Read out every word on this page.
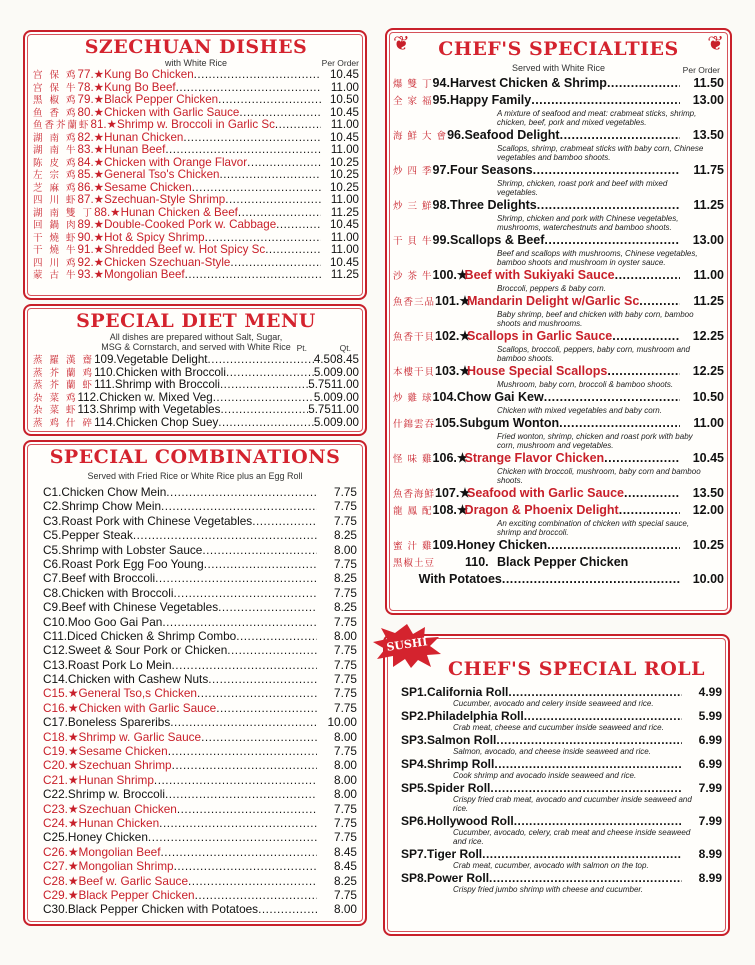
SZECHUAN DISHES
with White Rice	Per Order
宫 保 鸡 77.★ Kung Bo Chicken .....	10.45
宫 保 牛 78.★ Kung Bo Beef .....	11.00
黑 椒 鸡 79.★ Black Pepper Chicken .....	10.50
鱼 香 鸡 80.★ Chicken with Garlic Sauce .....	10.45
鱼香芥蘭虾 81.★ Shrimp w. Broccoli in Garlic Sc .....	11.00
湖 南 鸡 82.★ Hunan Chicken .....	10.45
湖 南 牛 83.★ Hunan Beef .....	11.00
陈 皮 鸡 84.★ Chicken with Orange Flavor .....	10.25
左 宗 鸡 85.★ General Tso's Chicken .....	10.25
芝 麻 鸡 86.★ Sesame Chicken .....	10.25
四 川 虾 87.★ Szechuan-Style Shrimp .....	11.00
湖 南 雙 丁 88.★ Hunan Chicken & Beef .....	11.25
回 鍋 肉 89.★ Double-Cooked Pork w. Cabbage .....	10.45
干 燒 虾 90.★ Hot & Spicy Shrimp .....	11.00
干 燒 牛 91.★ Shredded Beef w. Hot Spicy Sc .....	11.00
四 川 鸡 92.★ Chicken Szechuan-Style .....	10.45
蒙 古 牛 93.★ Mongolian Beef .....	11.25
SPECIAL DIET MENU
All dishes are prepared without Salt, Sugar,
MSG & Cornstarch, and served with White Rice Pt.	Qt.
蒸 羅 漢 齋 109. Vegetable Delight .....	4.50 8.45
蒸 芥 蘭 鸡 110. Chicken with Broccoli .....	5.00 9.00
蒸 芥 蘭 虾 111. Shrimp with Broccoli .....	5.75 11.00
杂 菜 鸡 112. Chicken w. Mixed Veg .....	5.00 9.00
杂 菜 虾 113. Shrimp with Vegetables .....	5.75 11.00
蒸 鸡 什 碎 114. Chicken Chop Suey .....	5.00 9.00
SPECIAL COMBINATIONS
Served with Fried Rice or White Rice plus an Egg Roll
C1. Chicken Chow Mein .....	7.75
C2. Shrimp Chow Mein .....	7.75
C3. Roast Pork with Chinese Vegetables .....	7.75
C5. Pepper Steak .....	8.25
C5. Shrimp with Lobster Sauce .....	8.00
C6. Roast Pork Egg Foo Young .....	7.75
C7. Beef with Broccoli .....	8.25
C8. Chicken with Broccoli .....	7.75
C9. Beef with Chinese Vegetables .....	8.25
C10. Moo Goo Gai Pan .....	7.75
C11. Diced Chicken & Shrimp Combo .....	8.00
C12. Sweet & Sour Pork or Chicken .....	7.75
C13. Roast Pork Lo Mein .....	7.75
C14. Chicken with Cashew Nuts .....	7.75
C15.★ General Tso,s Chicken .....	7.75
C16.★ Chicken with Garlic Sauce .....	7.75
C17. Boneless Spareribs .....	10.00
C18.★ Shrimp w. Garlic Sauce .....	8.00
C19.★ Sesame Chicken .....	7.75
C20.★ Szechuan Shrimp .....	8.00
C21.★ Hunan Shrimp .....	8.00
C22. Shrimp w. Broccoli .....	8.00
C23.★ Szechuan Chicken .....	7.75
C24.★ Hunan Chicken .....	7.75
C25. Honey Chicken .....	7.75
C26.★ Mongolian Beef .....	8.45
C27.★ Mongolian Shrimp .....	8.45
C28.★ Beef w. Garlic Sauce .....	8.25
C29.★ Black Pepper Chicken .....	7.75
C30. Black Pepper Chicken with Potatoes .....	8.00
❦	❦
CHEF'S SPECIALTIES
Served with White Rice	Per Order
爆 雙 丁 94. Harvest Chicken & Shrimp .....	11.50
全 家 福 95. Happy Family .....	13.00
A mixture of seafood and meat: crabmeat sticks, shrimp, chicken, beef, pork and mixed vegetables.
海 鮮 大 會 96. Seafood Delight .....	13.50
Scallops, shrimp, crabmeat sticks with baby corn, Chinese vegetables and bamboo shoots.
炒 四 季 97. Four Seasons .....	11.75
Shrimp, chicken, roast pork and beef with mixed vegetables.
炒 三 鮮 98. Three Delights .....	11.25
Shrimp, chicken and pork with Chinese vegetables, mushrooms, waterchestnuts and bamboo shoots.
干 貝 牛 99. Scallops & Beef .....	13.00
Beef and scallops with mushrooms, Chinese vegetables, bamboo shoots and mushroom in oyster sauce.
沙 茶 牛 100.★
Beef with Sukiyaki Sauce .....	11.00
Broccoli, peppers & baby corn.
魚香三品 101.★
Mandarin Delight w/Garlic Sc .....	11.25
Baby shrimp, beef and chicken with baby corn, bamboo shoots and mushrooms.
魚香干貝 102.★
Scallops in Garlic Sauce .....	12.25
Scallops, broccoli, peppers, baby corn, mushroom and bamboo shoots.
本樓干貝 103.★
House Special Scallops .....	12.25
Mushroom, baby corn, broccoli & bamboo shoots.
炒 雞 球 104. Chow Gai Kew .....	10.50
Chicken with mixed vegetables and baby corn.
什錦雲吞 105. Subgum Wonton .....	11.00
Fried wonton, shrimp, chicken and roast pork with baby corn, mushroom and vegetables.
怪 味 雞 106.★
Strange Flavor Chicken .....	10.45
Chicken with broccoli, mushroom, baby corn and bamboo shoots.
魚香海鮮 107.★
Seafood with Garlic Sauce .....	13.50
龍 鳳 配 108.★
Dragon & Phoenix Delight .....	12.00
An exciting combination of chicken with special sauce, shrimp and broccoli.
蜜 汁 雞 109. Honey Chicken .....	10.25
黑椒土豆	110. Black Pepper Chicken
With Potatoes .....	10.00
SUSHI
CHEF'S SPECIAL ROLL
SP1. California Roll .....	4.99
Cucumber, avocado and celery inside seaweed and rice.
SP2. Philadelphia Roll .....	5.99
Crab meat, cheese and cucumber inside seaweed and rice.
SP3. Salmon Roll .....	6.99
Salmon, avocado, and cheese inside seaweed and rice.
SP4. Shrimp Roll .....	6.99
Cook shrimp and avocado inside seaweed and rice.
SP5. Spider Roll .....	7.99
Crispy fried crab meat, avocado and cucumber inside seaweed and rice.
SP6. Hollywood Roll .....	7.99
Cucumber, avocado, celery, crab meat and cheese inside seaweed and rice.
SP7. Tiger Roll .....	8.99
Crab meat, cucumber, avocado with salmon on the top.
SP8. Power Roll .....	8.99
Crispy fried jumbo shrimp with cheese and cucumber.
